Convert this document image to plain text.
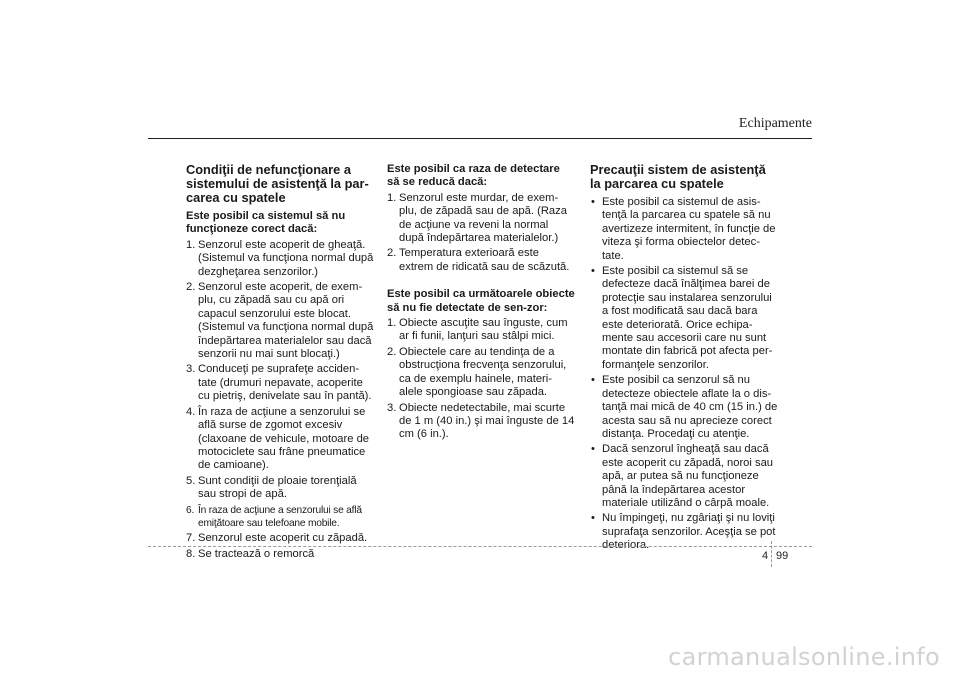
Echipamente
Condiţii de nefuncţionare a sistemului de asistenţă la par-carea cu spatele
Este posibil ca sistemul să nu funcţioneze corect dacă:
1. Senzorul este acoperit de gheaţă. (Sistemul va funcţiona normal după dezgheţarea senzorilor.)
2. Senzorul este acoperit, de exem-plu, cu zăpadă sau cu apă ori capacul senzorului este blocat. (Sistemul va funcţiona normal după îndepărtarea materialelor sau dacă senzorii nu mai sunt blocaţi.)
3. Conduceţi pe suprafeţe acciden-tate (drumuri nepavate, acoperite cu pietriş, denivelate sau în pantă).
4. În raza de acţiune a senzorului se află surse de zgomot excesiv (claxoane de vehicule, motoare de motociclete sau frâne pneumatice de camioane).
5. Sunt condiţii de ploaie torenţială sau stropi de apă.
6. În raza de acţiune a senzorului se află emiţătoare sau telefoane mobile.
7. Senzorul este acoperit cu zăpadă.
8. Se tractează o remorcă
Este posibil ca raza de detectare să se reducă dacă:
1. Senzorul este murdar, de exem-plu, de zăpadă sau de apă. (Raza de acţiune va reveni la normal după îndepărtarea materialelor.)
2. Temperatura exterioară este extrem de ridicată sau de scăzută.
Este posibil ca următoarele obiecte să nu fie detectate de sen-zor:
1. Obiecte ascuţite sau înguste, cum ar fi funii, lanţuri sau stâlpi mici.
2. Obiectele care au tendinţa de a obstrucţiona frecvenţa senzorului, ca de exemplu hainele, materi-alele spongioase sau zăpada.
3. Obiecte nedetectabile, mai scurte de 1 m (40 in.) şi mai înguste de 14 cm (6 in.).
Precauţii sistem de asistenţă la parcarea cu spatele
• Este posibil ca sistemul de asis-tenţă la parcarea cu spatele să nu avertizeze intermitent, în funcţie de viteza şi forma obiectelor detec-tate.
• Este posibil ca sistemul să se defecteze dacă înălţimea barei de protecţie sau instalarea senzorului a fost modificată sau dacă bara este deteriorată. Orice echipa-mente sau accesorii care nu sunt montate din fabrică pot afecta per-formanţele senzorilor.
• Este posibil ca senzorul să nu detecteze obiectele aflate la o dis-tanţă mai mică de 40 cm (15 in.) de acesta sau să nu aprecieze corect distanţa. Procedaţi cu atenţie.
• Dacă senzorul îngheaţă sau dacă este acoperit cu zăpadă, noroi sau apă, ar putea să nu funcţioneze până la îndepărtarea acestor materiale utilizând o cârpă moale.
• Nu împingeţi, nu zgâriaţi şi nu loviţi suprafaţa senzorilor. Aceşţia se pot deteriora.
4 99
carmanualsonline.info
